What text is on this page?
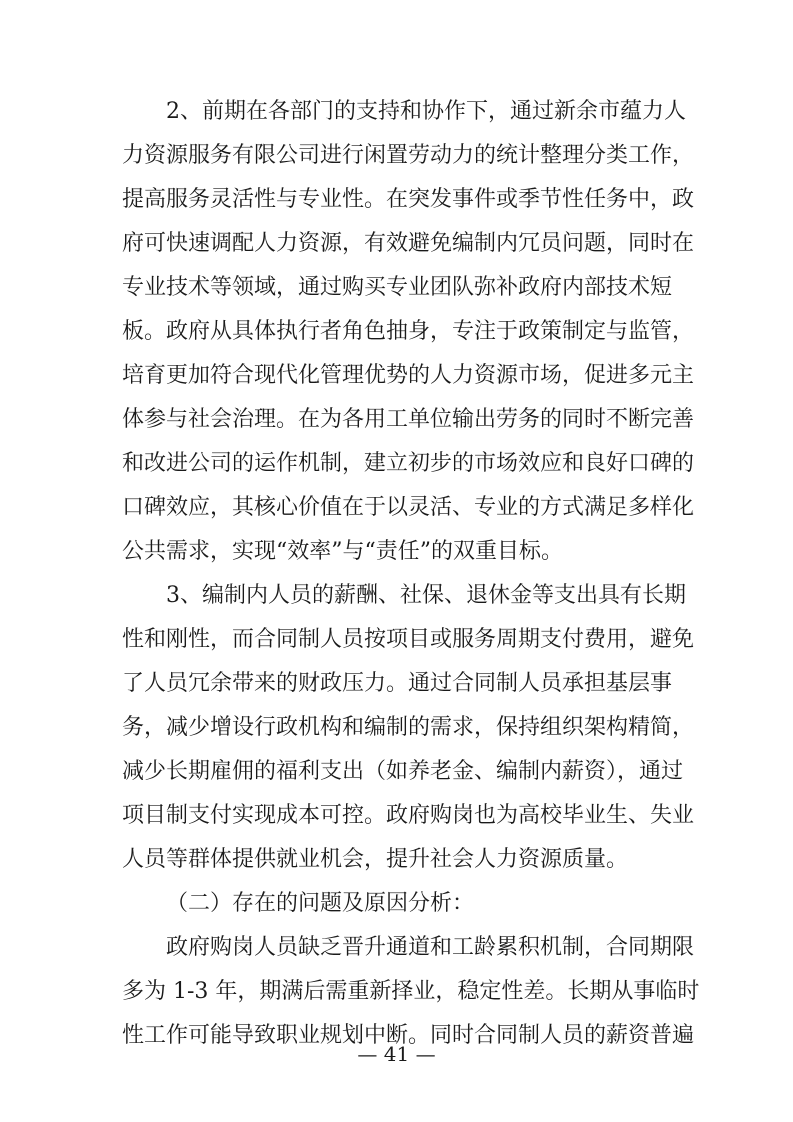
2、前期在各部门的支持和协作下，通过新余市蕴力人
力资源服务有限公司进行闲置劳动力的统计整理分类工作，
提高服务灵活性与专业性。在突发事件或季节性任务中，政
府可快速调配人力资源，有效避免编制内冗员问题，同时在
专业技术等领域，通过购买专业团队弥补政府内部技术短
板。政府从具体执行者角色抽身，专注于政策制定与监管，
培育更加符合现代化管理优势的人力资源市场，促进多元主
体参与社会治理。在为各用工单位输出劳务的同时不断完善
和改进公司的运作机制，建立初步的市场效应和良好口碑的
口碑效应，其核心价值在于以灵活、专业的方式满足多样化
公共需求，实现“效率”与“责任”的双重目标。
3、编制内人员的薪酬、社保、退休金等支出具有长期
性和刚性，而合同制人员按项目或服务周期支付费用，避免
了人员冗余带来的财政压力。通过合同制人员承担基层事
务，减少增设行政机构和编制的需求，保持组织架构精简，
减少长期雇佣的福利支出（如养老金、编制内薪资），通过
项目制支付实现成本可控。政府购岗也为高校毕业生、失业
人员等群体提供就业机会，提升社会人力资源质量。
（二）存在的问题及原因分析：
政府购岗人员缺乏晋升通道和工龄累积机制，合同期限
多为 1-3 年，期满后需重新择业，稳定性差。长期从事临时
性工作可能导致职业规划中断。同时合同制人员的薪资普遍
— 41 —
